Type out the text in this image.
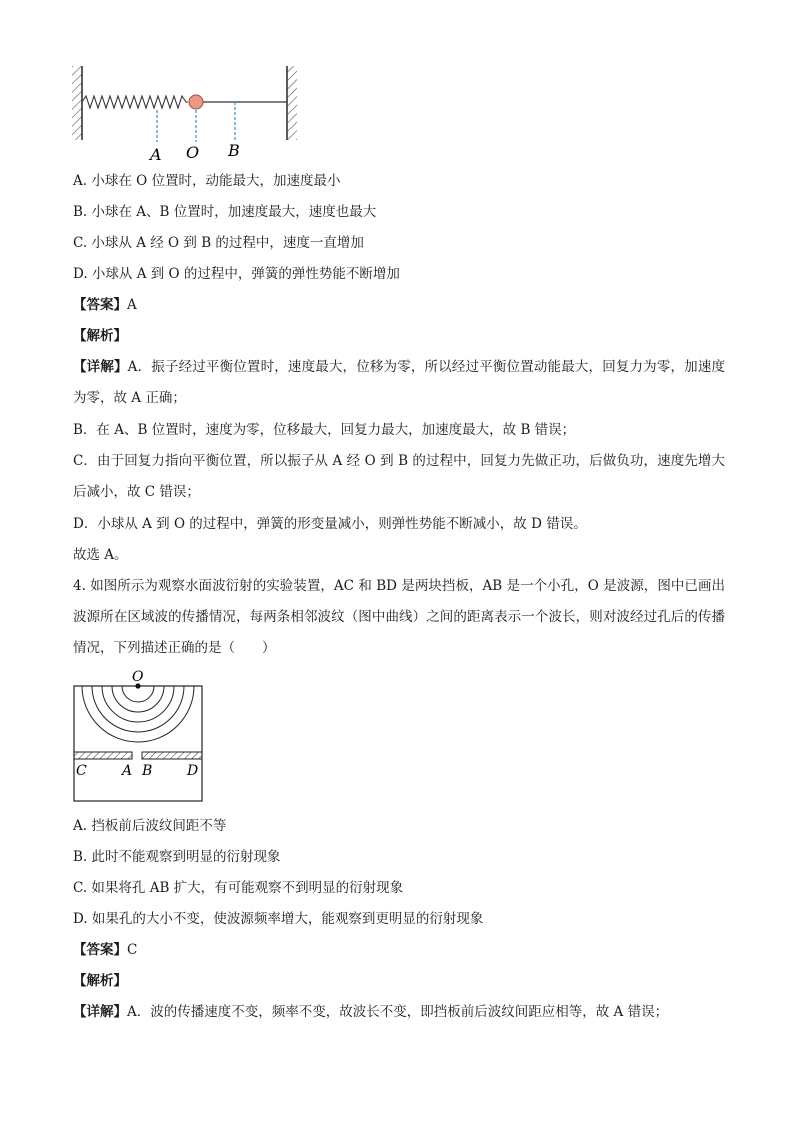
A O B
A. 小球在 O 位置时，动能最大，加速度最小
B. 小球在 A、B 位置时，加速度最大，速度也最大
C. 小球从 A 经 O 到 B 的过程中，速度一直增加
D. 小球从 A 到 O 的过程中，弹簧的弹性势能不断增加
【答案】A
【解析】
【详解】A．振子经过平衡位置时，速度最大，位移为零，所以经过平衡位置动能最大，回复力为零，加速度为零，故 A 正确；
B．在 A、B 位置时，速度为零，位移最大，回复力最大，加速度最大，故 B 错误；
C．由于回复力指向平衡位置，所以振子从 A 经 O 到 B 的过程中，回复力先做正功，后做负功，速度先增大后减小，故 C 错误；
D．小球从 A 到 O 的过程中，弹簧的形变量减小，则弹性势能不断减小，故 D 错误。
故选 A。
4. 如图所示为观察水面波衍射的实验装置，AC 和 BD 是两块挡板，AB 是一个小孔，O 是波源，图中已画出波源所在区域波的传播情况，每两条相邻波纹（图中曲线）之间的距离表示一个波长，则对波经过孔后的传播情况，下列描述正确的是（　　）
O
C	A B D
A. 挡板前后波纹间距不等
B. 此时不能观察到明显的衍射现象
C. 如果将孔 AB 扩大，有可能观察不到明显的衍射现象
D. 如果孔的大小不变，使波源频率增大，能观察到更明显的衍射现象
【答案】C
【解析】
【详解】A．波的传播速度不变，频率不变，故波长不变，即挡板前后波纹间距应相等，故 A 错误；
